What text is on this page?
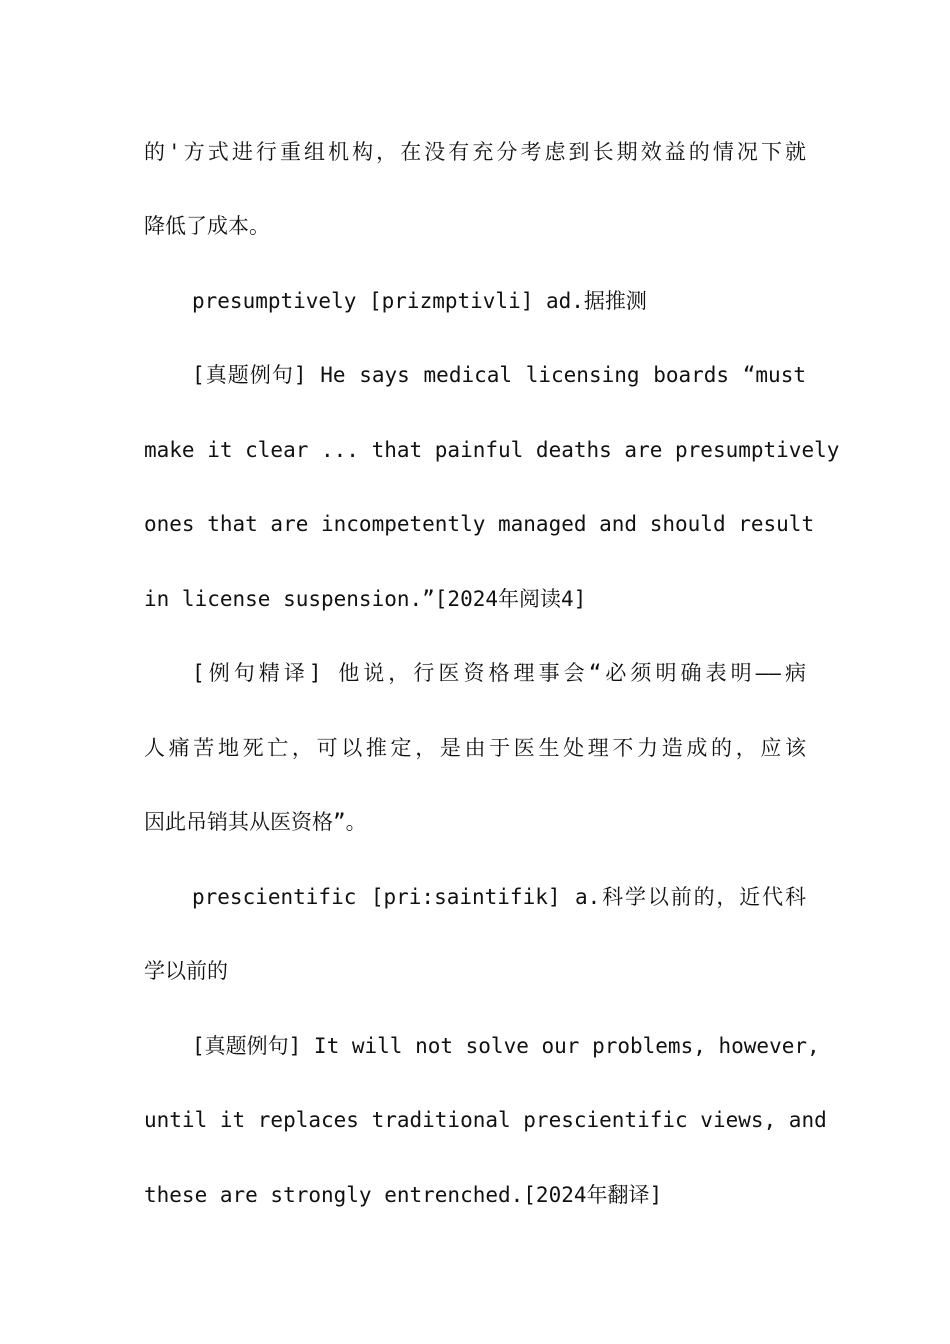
的'方式进行重组机构，在没有充分考虑到长期效益的情况下就
降低了成本。
presumptively [prizmptivli] ad.据推测
[真题例句] He says medical licensing boards “must
make it clear ... that painful deaths are presumptively
ones that are incompetently managed and should result
in license suspension.”[2024年阅读4]
[例句精译] 他说，行医资格理事会“必须明确表明——病
人痛苦地死亡，可以推定，是由于医生处理不力造成的，应该
因此吊销其从医资格”。
prescientific [pri:saintifik] a.科学以前的，近代科
学以前的
[真题例句] It will not solve our problems, however,
until it replaces traditional prescientific views, and
these are strongly entrenched.[2024年翻译]
